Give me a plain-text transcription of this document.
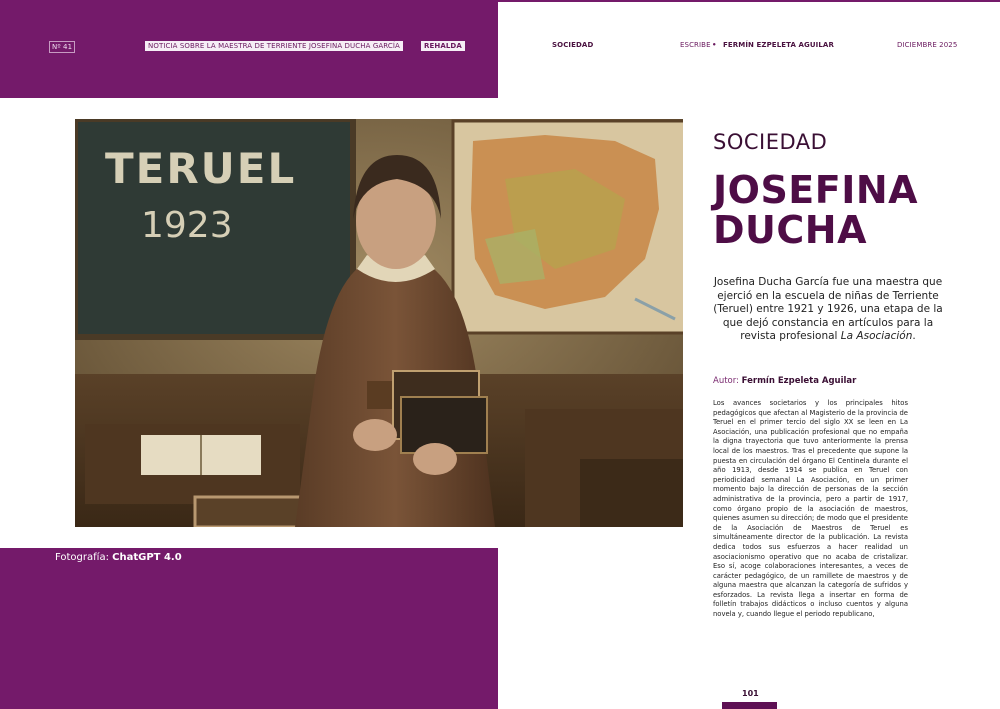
Nº 41	NOTICIA SOBRE LA MAESTRA DE TERRIENTE JOSEFINA DUCHA GARCÍA	REHALDA	SOCIEDAD	ESCRIBE • FERMÍN EZPELETA AGUILAR	DICIEMBRE 2025
TERUEL
1923
Fotografía: ChatGPT 4.0
SOCIEDAD
JOSEFINA
DUCHA
Josefina Ducha García fue una maestra que ejerció en la escuela de niñas de Terriente (Teruel) entre 1921 y 1926, una etapa de la que dejó constancia en artículos para la revista profesional La Asociación.
Autor: Fermín Ezpeleta Aguilar
Los avances societarios y los principales hitos pedagógicos que afectan al Magisterio de la provincia de Teruel en el primer tercio del siglo XX se leen en La Asociación, una publicación profesional que no empaña la digna trayectoria que tuvo anteriormente la prensa local de los maestros. Tras el precedente que supone la puesta en circulación del órgano El Centinela durante el año 1913, desde 1914 se publica en Teruel con periodicidad semanal La Asociación, en un primer momento bajo la dirección de personas de la sección administrativa de la provincia, pero a partir de 1917, como órgano propio de la asociación de maestros, quienes asumen su dirección; de modo que el presidente de la Asociación de Maestros de Teruel es simultáneamente director de la publicación. La revista dedica todos sus esfuerzos a hacer realidad un asociacionismo operativo que no acaba de cristalizar. Eso sí, acoge colaboraciones interesantes, a veces de carácter pedagógico, de un ramillete de maestros y de alguna maestra que alcanzan la categoría de sufridos y esforzados. La revista llega a insertar en forma de folletín trabajos didácticos o incluso cuentos y alguna novela y, cuando llegue el periodo republicano,
101
